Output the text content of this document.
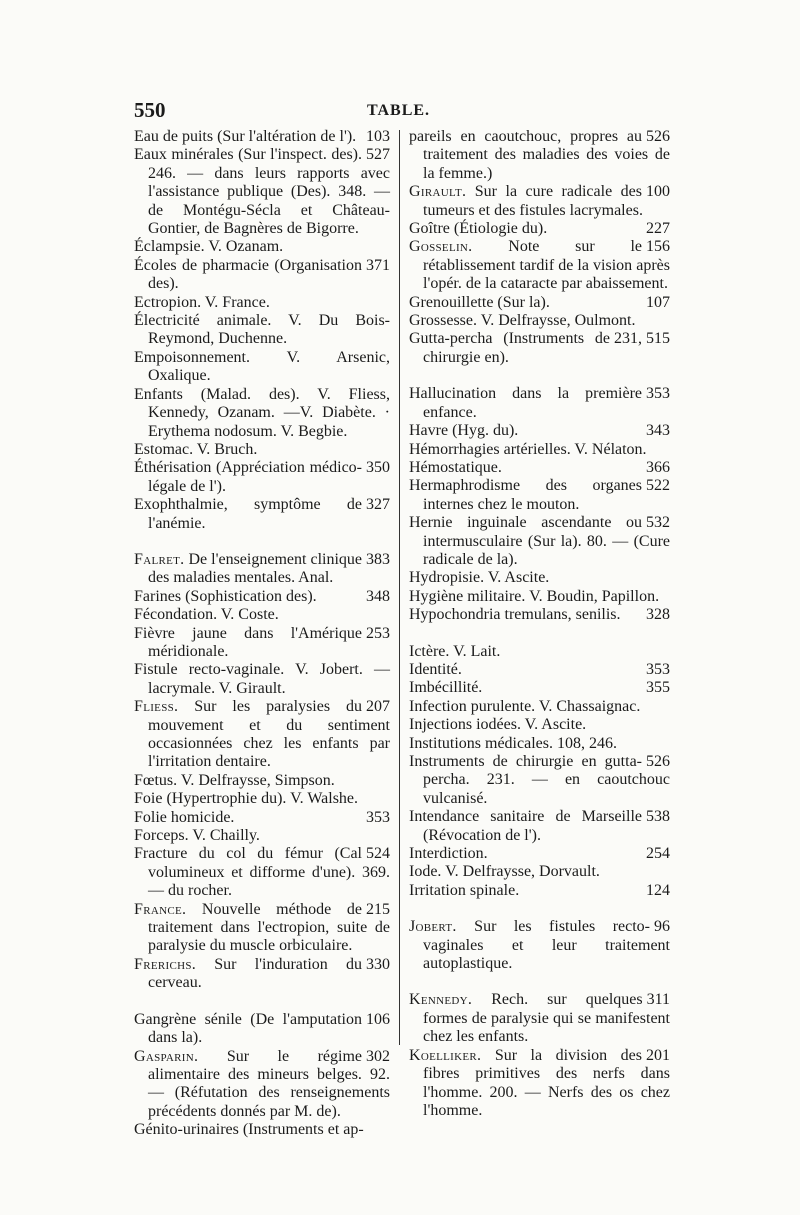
550	TABLE.

103
Eau de puits (Sur l'altération de l').

527
Eaux minérales (Sur l'inspect. des). 246. — dans leurs rapports avec l'assistance publique (Des). 348. — de Montégu-Sécla et Château-Gontier, de Bagnères de Bigorre.

Éclampsie. V. Ozanam.

371
Écoles de pharmacie (Organisation des).

Ectropion. V. France.

Électricité animale. V. Du Bois-Reymond, Duchenne.

Empoisonnement. V. Arsenic, Oxalique.

Enfants (Malad. des). V. Fliess, Kennedy, Ozanam. —V. Diabète. · Erythema nodosum. V. Begbie.

Estomac. V. Bruch.

350
Éthérisation (Appréciation médico-légale de l').

327
Exophthalmie, symptôme de l'anémie.

383
Falret. De l'enseignement clinique des maladies mentales. Anal.

348
Farines (Sophistication des).

Fécondation. V. Coste.

253
Fièvre jaune dans l'Amérique méridionale.

Fistule recto-vaginale. V. Jobert. — lacrymale. V. Girault.

207
Fliess. Sur les paralysies du mouvement et du sentiment occasionnées chez les enfants par l'irritation dentaire.

Fœtus. V. Delfraysse, Simpson.

Foie (Hypertrophie du). V. Walshe.

353
Folie homicide.

Forceps. V. Chailly.

524
Fracture du col du fémur (Cal volumineux et difforme d'une). 369. — du rocher.

215
France. Nouvelle méthode de traitement dans l'ectropion, suite de paralysie du muscle orbiculaire.

330
Frerichs. Sur l'induration du cerveau.

106
Gangrène sénile (De l'amputation dans la).

302
Gasparin. Sur le régime alimentaire des mineurs belges. 92. — (Réfutation des renseignements précédents donnés par M. de).

Génito-urinaires (Instruments et ap-

526
pareils en caoutchouc, propres au traitement des maladies des voies de la femme.)

100
Girault. Sur la cure radicale des tumeurs et des fistules lacrymales.

227
Goître (Étiologie du).

156
Gosselin. Note sur le rétablissement tardif de la vision après l'opér. de la cataracte par abaissement.

107
Grenouillette (Sur la).

Grossesse. V. Delfraysse, Oulmont.

231, 515
Gutta-percha (Instruments de chirurgie en).

353
Hallucination dans la première enfance.

343
Havre (Hyg. du).

Hémorrhagies artérielles. V. Nélaton.

366
Hémostatique.

522
Hermaphrodisme des organes internes chez le mouton.

532
Hernie inguinale ascendante ou intermusculaire (Sur la). 80. — (Cure radicale de la).

Hydropisie. V. Ascite.

Hygiène militaire. V. Boudin, Papillon.

328
Hypochondria tremulans, senilis.

Ictère. V. Lait.

353
Identité.

355
Imbécillité.

Infection purulente. V. Chassaignac.

Injections iodées. V. Ascite.

Institutions médicales. 108, 246.

526
Instruments de chirurgie en gutta-percha. 231. — en caoutchouc vulcanisé.

538
Intendance sanitaire de Marseille (Révocation de l').

254
Interdiction.

Iode. V. Delfraysse, Dorvault.

124
Irritation spinale.

96
Jobert. Sur les fistules recto-vaginales et leur traitement autoplastique.

311
Kennedy. Rech. sur quelques formes de paralysie qui se manifestent chez les enfants.

201
Koelliker. Sur la division des fibres primitives des nerfs dans l'homme. 200. — Nerfs des os chez l'homme.
